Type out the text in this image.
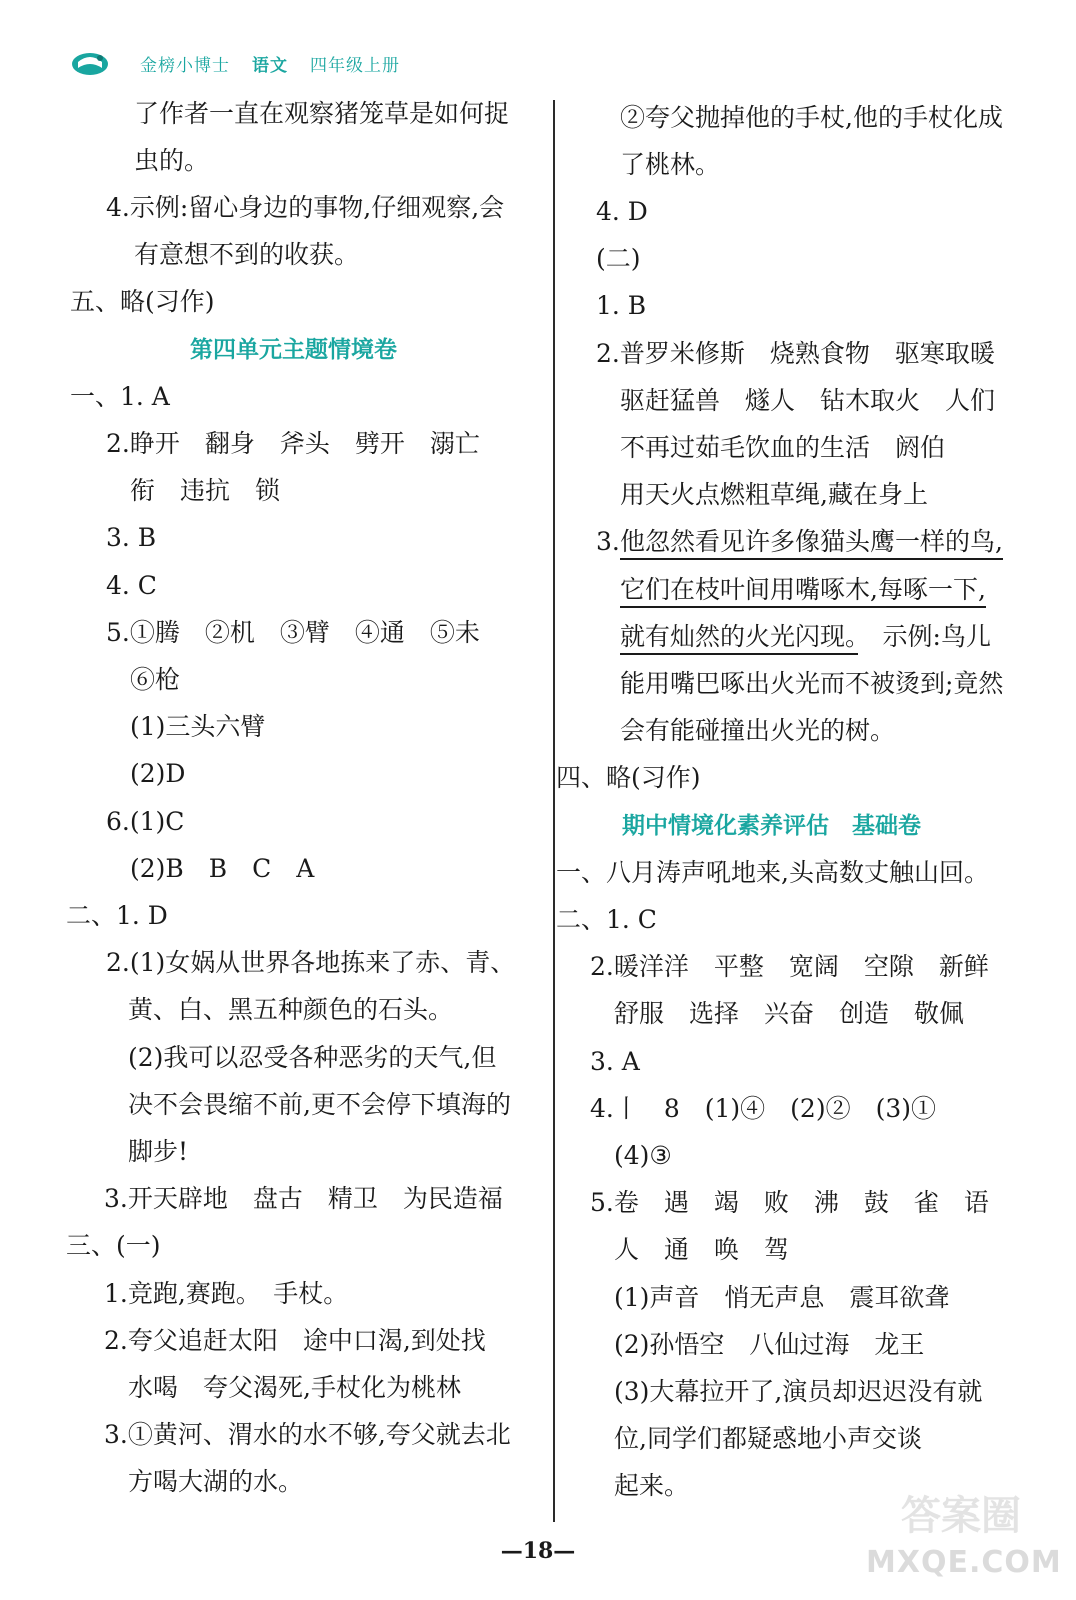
金榜小博士 语文 四年级上册
了作者一直在观察猪笼草是如何捉
虫的。
4.示例:留心身边的事物,仔细观察,会
有意想不到的收获。
五、略(习作)
第四单元主题情境卷
一、1. A
2.睁开　翻身　斧头　劈开　溺亡
衔　违抗　锁
3. B
4. C
5.①腾　②机　③臂　④通　⑤未
⑥枪
(1)三头六臂
(2)D
6.(1)C
(2)B　B　C　A
二、1. D
2.(1)女娲从世界各地拣来了赤、青、
黄、白、黑五种颜色的石头。
(2)我可以忍受各种恶劣的天气,但
决不会畏缩不前,更不会停下填海的
脚步!
3.开天辟地　盘古　精卫　为民造福
三、(一)
1.竞跑,赛跑。　手杖。
2.夸父追赶太阳　途中口渴,到处找
水喝　夸父渴死,手杖化为桃林
3.①黄河、渭水的水不够,夸父就去北
方喝大湖的水。
②夸父抛掉他的手杖,他的手杖化成
了桃林。
4. D
(二)
1. B
2.普罗米修斯　烧熟食物　驱寒取暖
驱赶猛兽　燧人　钻木取火　人们
不再过茹毛饮血的生活　阏伯
用天火点燃粗草绳,藏在身上
3. 他忽然看见许多像猫头鹰一样的鸟,
它们在枝叶间用嘴啄木,每啄一下,
就有灿然的火光闪现。　示例:鸟儿
能用嘴巴啄出火光而不被烫到;竟然
会有能碰撞出火光的树。
四、略(习作)
期中情境化素养评估　基础卷
一、八月涛声吼地来,头高数丈触山回。
二、1. C
2.暖洋洋　平整　宽阔　空隙　新鲜
舒服　选择　兴奋　创造　敬佩
3. A
4.丨　8　(1)④　(2)②　(3)①
(4)③
5.卷　遇　竭　败　沸　鼓　雀　语
人　通　唤　驾
(1)声音　悄无声息　震耳欲聋
(2)孙悟空　八仙过海　龙王
(3)大幕拉开了,演员却迟迟没有就
位,同学们都疑惑地小声交谈
起来。
—18—
答案圈
MXQE.COM
